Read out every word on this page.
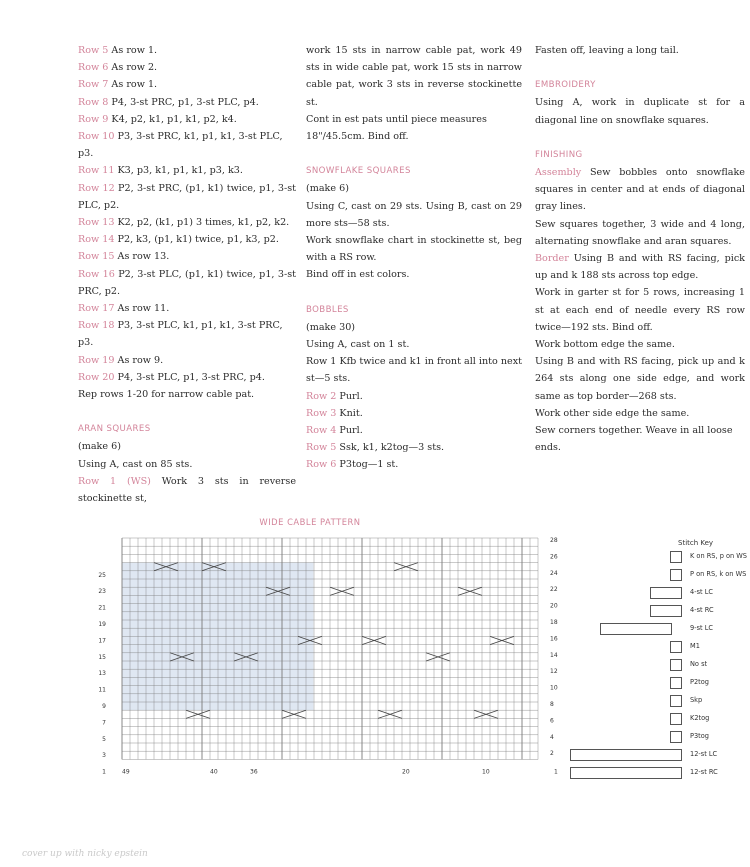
Row 5 As row 1.

Row 6 As row 2.

Row 7 As row 1.

Row 8 P4, 3-st PRC, p1, 3-st PLC, p4.

Row 9 K4, p2, k1, p1, k1, p2, k4.

Row 10 P3, 3-st PRC, k1, p1, k1, 3-st PLC, p3.

Row 11 K3, p3, k1, p1, k1, p3, k3.

Row 12 P2, 3-st PRC, (p1, k1) twice, p1, 3-st PLC, p2.

Row 13 K2, p2, (k1, p1) 3 times, k1, p2, k2.

Row 14 P2, k3, (p1, k1) twice, p1, k3, p2.

Row 15 As row 13.

Row 16 P2, 3-st PLC, (p1, k1) twice, p1, 3-st PRC, p2.

Row 17 As row 11.

Row 18 P3, 3-st PLC, k1, p1, k1, 3-st PRC, p3.

Row 19 As row 9.

Row 20 P4, 3-st PLC, p1, 3-st PRC, p4.

Rep rows 1-20 for narrow cable pat.

ARAN SQUARES

(make 6)

Using A, cast on 85 sts.

Row 1 (WS) Work 3 sts in reverse stockinette st,

work 15 sts in narrow cable pat, work 49 sts in wide cable pat, work 15 sts in narrow cable pat, work 3 sts in reverse stockinette st.

Cont in est pats until piece measures 18"/45.5cm. Bind off.

SNOWFLAKE SQUARES

(make 6)

Using C, cast on 29 sts. Using B, cast on 29 more sts—58 sts.

Work snowflake chart in stockinette st, beg with a RS row.

Bind off in est colors.

BOBBLES

(make 30)

Using A, cast on 1 st.

Row 1 Kfb twice and k1 in front all into next st—5 sts.

Row 2 Purl.

Row 3 Knit.

Row 4 Purl.

Row 5 Ssk, k1, k2tog—3 sts.

Row 6 P3tog—1 st.

Fasten off, leaving a long tail.

EMBROIDERY

Using A, work in duplicate st for a diagonal line on snowflake squares.

FINISHING

Assembly Sew bobbles onto snowflake squares in center and at ends of diagonal gray lines.

Sew squares together, 3 wide and 4 long, alternating snowflake and aran squares.

Border Using B and with RS facing, pick up and k 188 sts across top edge.

Work in garter st for 5 rows, increasing 1 st at each end of needle every RS row twice—192 sts. Bind off.

Work bottom edge the same.

Using B and with RS facing, pick up and k 264 sts along one side edge, and work same as top border—268 sts.

Work other side edge the same.

Sew corners together. Weave in all loose ends.

WIDE CABLE PATTERN

25
23
21
19
17
15
13
11
9
7
5
3
1
28
26
24
22
20
18
16
14
12
10
8
6
4
2
49	40	36	20	10	1
Stitch Key
K on RS, p on WS
P on RS, k on WS
4-st LC
4-st RC
9-st LC
M1
No st
P2tog
Skp
K2tog
P3tog
12-st LC
12-st RC

cover up with nicky epstein
